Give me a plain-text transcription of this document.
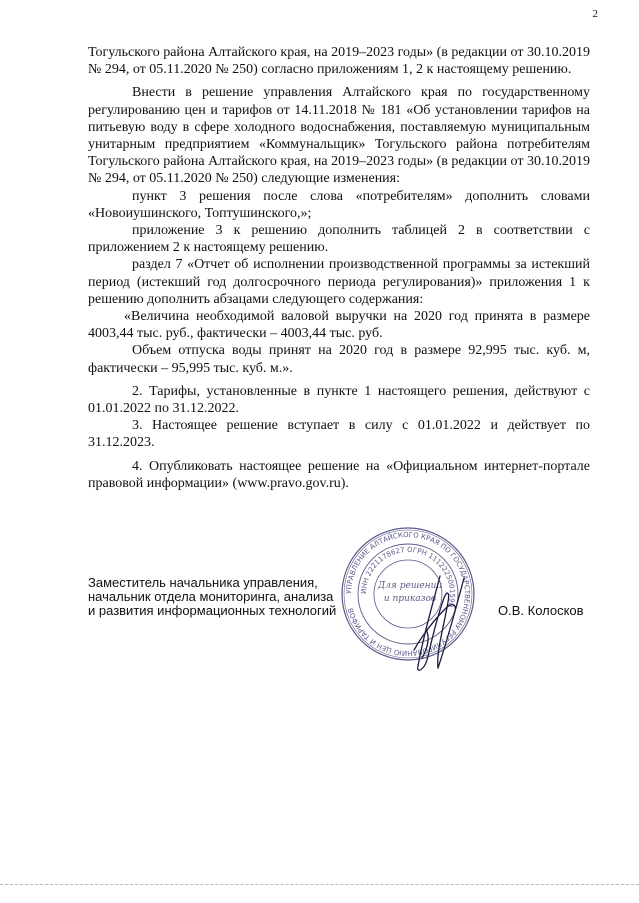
2

Тогульского района Алтайского края, на 2019–2023 годы» (в редакции от 30.10.2019 № 294, от 05.11.2020 № 250) согласно приложениям 1, 2 к настоящему решению.

Внести в решение управления Алтайского края по государственному регулированию цен и тарифов от 14.11.2018 № 181 «Об установлении тарифов на питьевую воду в сфере холодного водоснабжения, поставляемую муниципальным унитарным предприятием «Коммунальщик» Тогульского района потребителям Тогульского района Алтайского края, на 2019–2023 годы» (в редакции от 30.10.2019 № 294, от 05.11.2020 № 250) следующие изменения:

пункт 3 решения после слова «потребителям» дополнить словами «Новоиушинского, Топтушинского,»;

приложение 3 к решению дополнить таблицей 2 в соответствии с приложением 2 к настоящему решению.

раздел 7 «Отчет об исполнении производственной программы за истекший период (истекший год долгосрочного периода регулирования)» приложения 1 к решению дополнить абзацами следующего содержания:

«Величина необходимой валовой выручки на 2020 год принята в размере 4003,44 тыс. руб., фактически – 4003,44 тыс. руб.

Объем отпуска воды принят на 2020 год в размере 92,995 тыс. куб. м, фактически – 95,995 тыс. куб. м.».

2. Тарифы, установленные в пункте 1 настоящего решения, действуют с 01.01.2022 по 31.12.2022.

3. Настоящее решение вступает в силу с 01.01.2022 и действует по 31.12.2023.

4. Опубликовать настоящее решение на «Официальном интернет-портале правовой информации» (www.pravo.gov.ru).

УПРАВЛЕНИЕ АЛТАЙСКОГО КРАЯ ПО ГОСУДАРСТВЕННОМУ РЕГУЛИРОВАНИЮ ЦЕН И ТАРИФОВ
ИНН 2221178627 ОГРН 1112225001590
Для решений
и приказов
Заместитель начальника управления,
начальник отдела мониторинга, анализа
и развития информационных технологий	О.В. Колосков
